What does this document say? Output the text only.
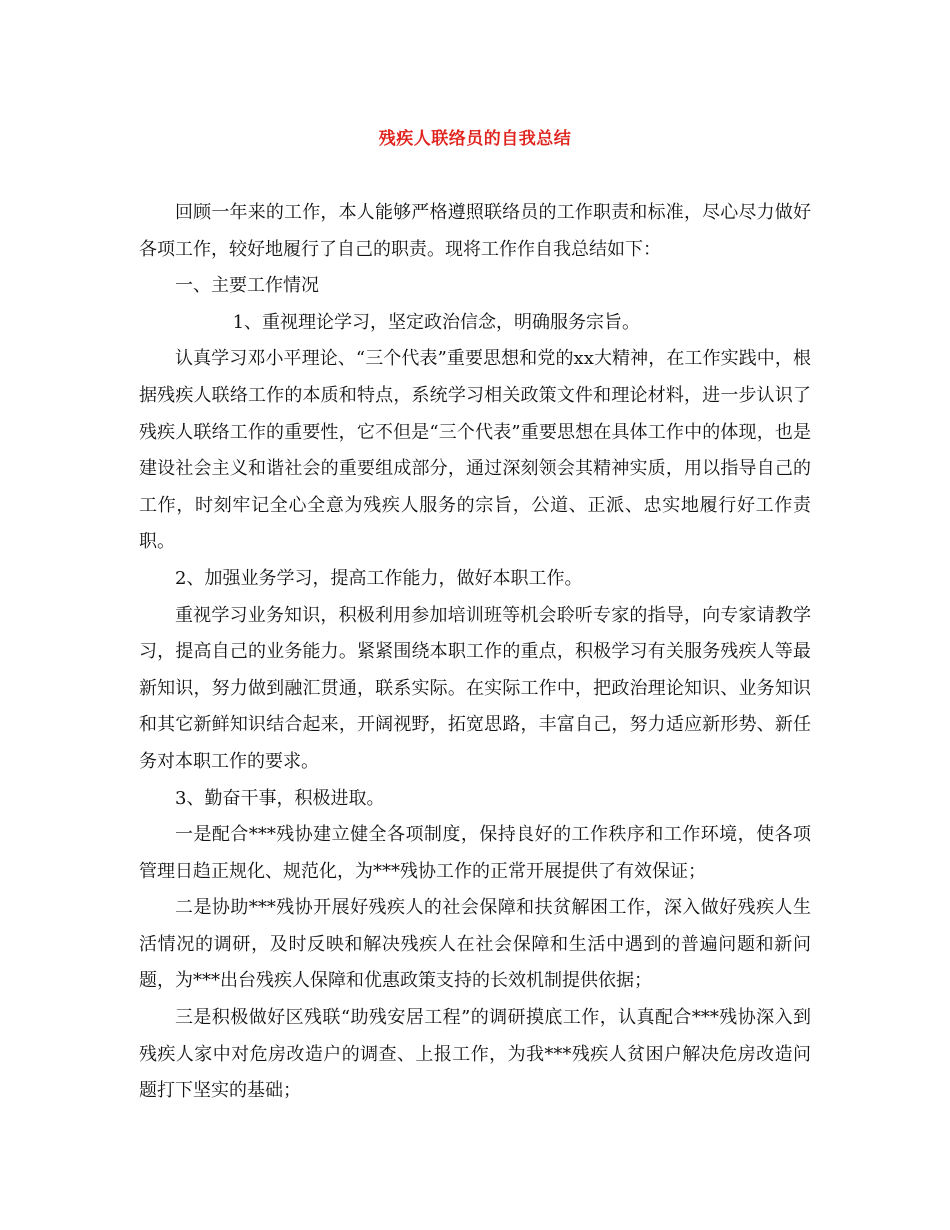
残疾人联络员的自我总结

回顾一年来的工作，本人能够严格遵照联络员的工作职责和标准，尽心尽力做好各项工作，较好地履行了自己的职责。现将工作作自我总结如下：

一、主要工作情况

1、重视理论学习，坚定政治信念，明确服务宗旨。

认真学习邓小平理论、“三个代表”重要思想和党的xx大精神，在工作实践中，根据残疾人联络工作的本质和特点，系统学习相关政策文件和理论材料，进一步认识了残疾人联络工作的重要性，它不但是“三个代表”重要思想在具体工作中的体现，也是建设社会主义和谐社会的重要组成部分，通过深刻领会其精神实质，用以指导自己的工作，时刻牢记全心全意为残疾人服务的宗旨，公道、正派、忠实地履行好工作责职。

2、加强业务学习，提高工作能力，做好本职工作。

重视学习业务知识，积极利用参加培训班等机会聆听专家的指导，向专家请教学习，提高自己的业务能力。紧紧围绕本职工作的重点，积极学习有关服务残疾人等最新知识，努力做到融汇贯通，联系实际。在实际工作中，把政治理论知识、业务知识和其它新鲜知识结合起来，开阔视野，拓宽思路，丰富自己，努力适应新形势、新任务对本职工作的要求。

3、勤奋干事，积极进取。

一是配合***残协建立健全各项制度，保持良好的工作秩序和工作环境，使各项管理日趋正规化、规范化，为***残协工作的正常开展提供了有效保证；

二是协助***残协开展好残疾人的社会保障和扶贫解困工作，深入做好残疾人生活情况的调研，及时反映和解决残疾人在社会保障和生活中遇到的普遍问题和新问题，为***出台残疾人保障和优惠政策支持的长效机制提供依据；

三是积极做好区残联“助残安居工程”的调研摸底工作，认真配合***残协深入到残疾人家中对危房改造户的调查、上报工作，为我***残疾人贫困户解决危房改造问题打下坚实的基础；
